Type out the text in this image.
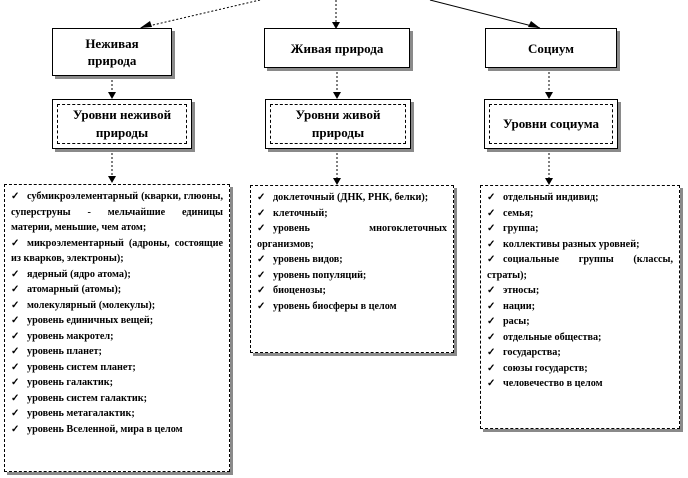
Неживая природа
Уровни неживой природы
✓ субмикроэлементарный (кварки, глюоны, суперструны - мельчайшие единицы материи, меньшие, чем атом;
✓ микроэлементарный (адроны, состоящие из кварков, электроны);
✓ ядерный (ядро атома);
✓ атомарный (атомы);
✓ молекулярный (молекулы);
✓ уровень единичных вещей;
✓ уровень макротел;
✓ уровень планет;
✓ уровень систем планет;
✓ уровень галактик;
✓ уровень систем галактик;
✓ уровень метагалактик;
✓ уровень Вселенной, мира в целом
Живая природа
Уровни живой природы
✓ доклеточный (ДНК, РНК, белки);
✓ клеточный;
✓ уровень многоклеточных организмов;
✓ уровень видов;
✓ уровень популяций;
✓ биоценозы;
✓ уровень биосферы в целом
Социум
Уровни социума
✓ отдельный индивид;
✓ семья;
✓ группа;
✓ коллективы разных уровней;
✓ социальные группы (классы, страты);
✓ этносы;
✓ нации;
✓ расы;
✓ отдельные общества;
✓ государства;
✓ союзы государств;
✓ человечество в целом
